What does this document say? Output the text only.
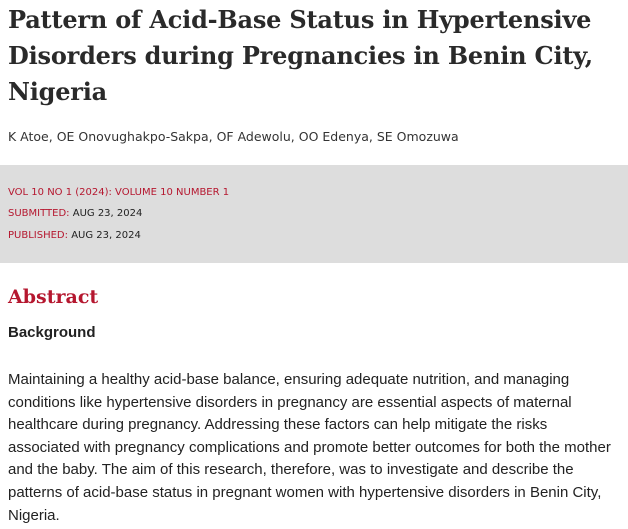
Pattern of Acid-Base Status in Hypertensive Disorders during Pregnancies in Benin City, Nigeria
K Atoe, OE Onovughakpo-Sakpa, OF Adewolu, OO Edenya, SE Omozuwa
VOL 10 NO 1 (2024): VOLUME 10 NUMBER 1
SUBMITTED: AUG 23, 2024
PUBLISHED: AUG 23, 2024
Abstract
Background

Maintaining a healthy acid-base balance, ensuring adequate nutrition, and managing conditions like hypertensive disorders in pregnancy are essential aspects of maternal healthcare during pregnancy. Addressing these factors can help mitigate the risks associated with pregnancy complications and promote better outcomes for both the mother and the baby. The aim of this research, therefore, was to investigate and describe the patterns of acid-base status in pregnant women with hypertensive disorders in Benin City, Nigeria.
